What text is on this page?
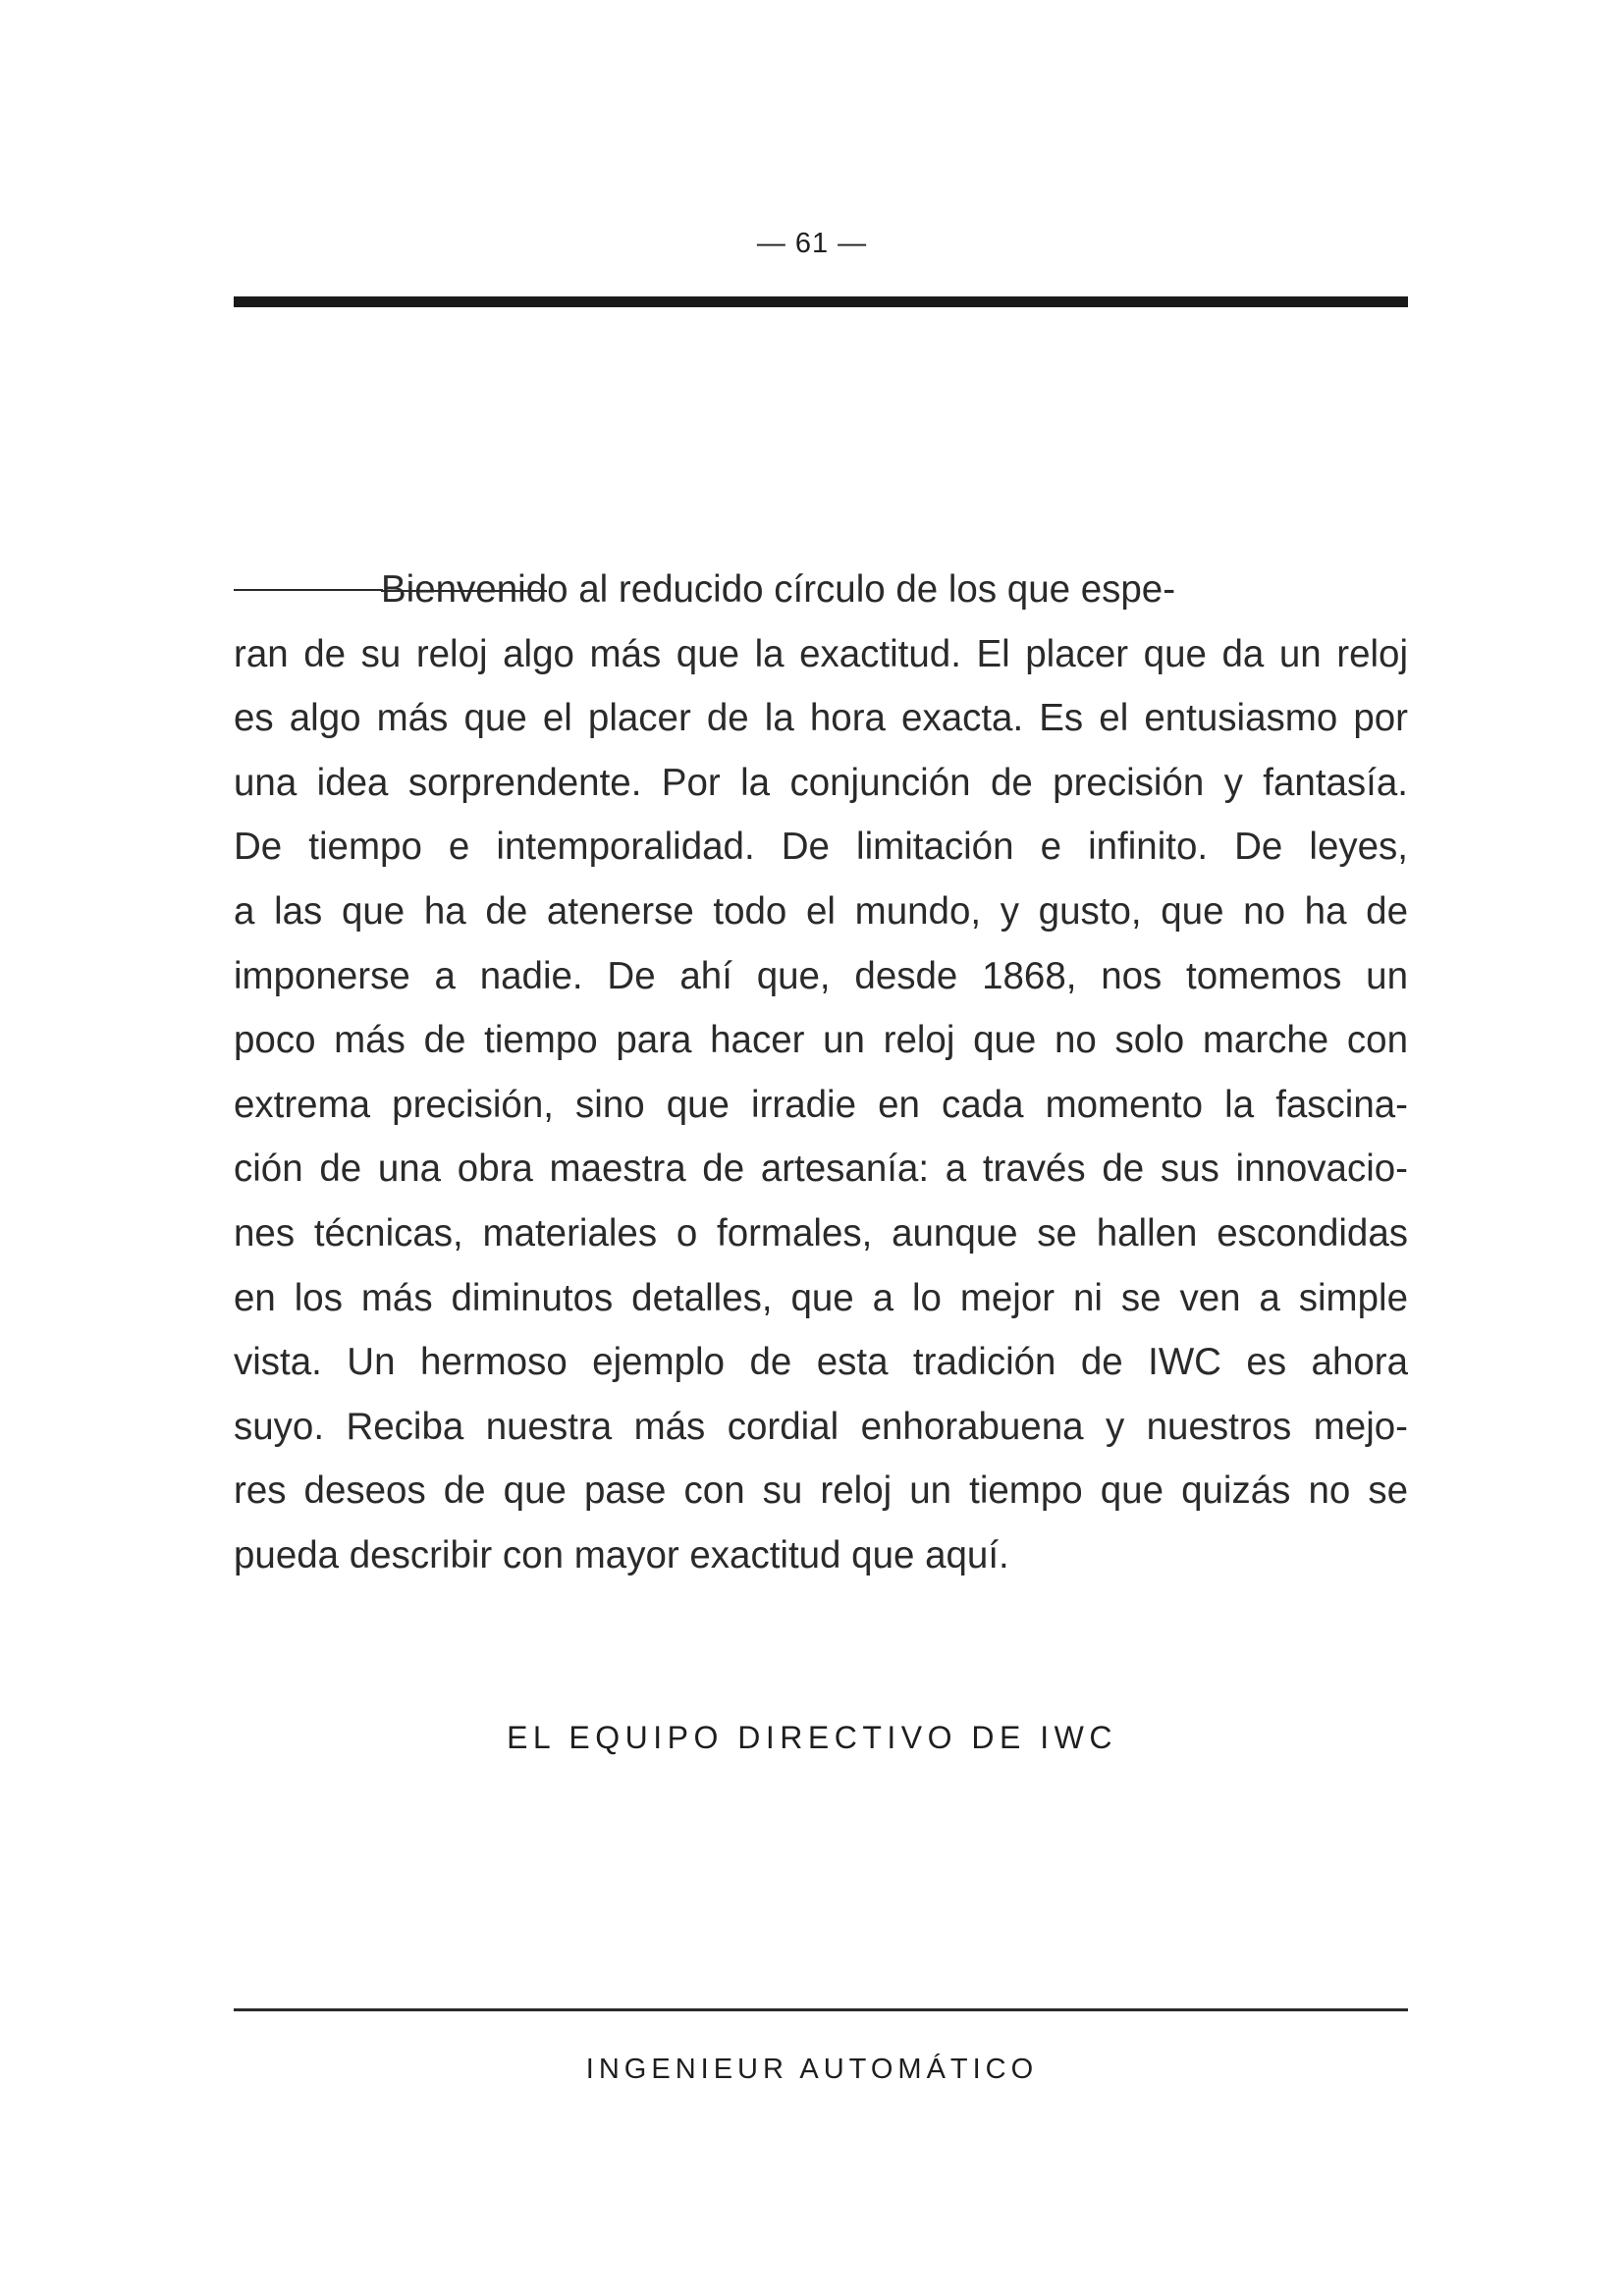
— 61 —
Bienvenido al reducido círculo de los que espe-
ran de su reloj algo más que la exactitud. El placer que da un reloj
es algo más que el placer de la hora exacta. Es el entusiasmo por
una idea sorprendente. Por la conjunción de precisión y fantasía.
De tiempo e intemporalidad. De limitación e infinito. De leyes,
a las que ha de atenerse todo el mundo, y gusto, que no ha de
imponerse a nadie. De ahí que, desde 1868, nos tomemos un
poco más de tiempo para hacer un reloj que no solo marche con
extrema precisión, sino que irradie en cada momento la fascina-
ción de una obra maestra de artesanía: a través de sus innovacio-
nes técnicas, materiales o formales, aunque se hallen escondidas
en los más diminutos detalles, que a lo mejor ni se ven a simple
vista. Un hermoso ejemplo de esta tradición de IWC es ahora
suyo. Reciba nuestra más cordial enhorabuena y nuestros mejo-
res deseos de que pase con su reloj un tiempo que quizás no se
pueda describir con mayor exactitud que aquí.
EL EQUIPO DIRECTIVO DE IWC
INGENIEUR AUTOMÁTICO
